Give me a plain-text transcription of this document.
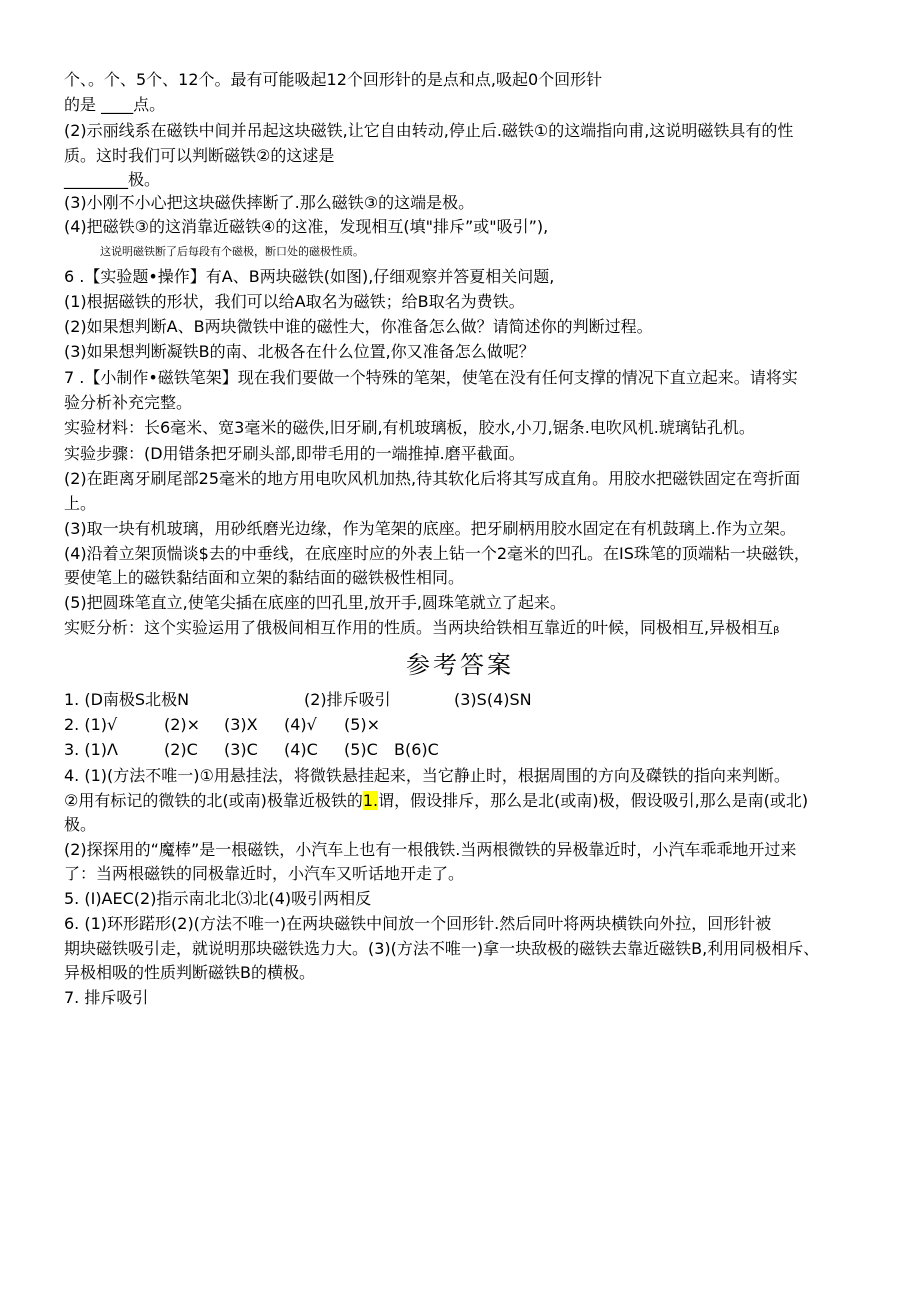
个、。个、5个、12个。最有可能吸起12个回形针的是点和点,吸起0个回形针
的是 ____点。
(2)示丽线系在磁铁中间并吊起这块磁铁,让它自由转动,停止后.磁铁①的这端指向甫,这说明磁铁具有的性
质。这时我们可以判断磁铁②的这逑是
________极。
(3)小刚不小心把这块磁佚摔断了.那么磁铁③的这端是极。
(4)把磁铁③的这消靠近磁铁④的这准，发现相互(填"排斥”或"吸引”),
这说明磁铁断了后每段有个磁极，断口处的磁极性质。
6 .【实验题•操作】有A、B两块磁铁(如图),仔细观察并答夏相关问题,
(1)根据磁铁的形状，我们可以给A取名为磁铁；给B取名为费铁。
(2)如果想判断A、B两块微铁中谁的磁性大，你准备怎么做？请简述你的判断过程。
(3)如果想判断凝铁B的南、北极各在什么位置,你又准备怎么做呢？
7 .【小制作•磁铁笔架】现在我们要做一个特殊的笔架，使笔在没有任何支撑的情况下直立起来。请将实
验分析补充完整。
实验材料：长6毫米、宽3毫米的磁佚,旧牙刷,有机玻璃板，胶水,小刀,锯条.电吹风机.琥璃钻孔机。
实验步骤：(D用错条把牙刷头部,即带毛用的一端推掉.磨平截面。
(2)在距离牙刷尾部25毫米的地方用电吹风机加热,待其软化后将其写成直角。用胶水把磁铁固定在弯折面
上。
(3)取一块有机玻璃，用砂纸磨光边缘，作为笔架的底座。把牙刷柄用胶水固定在有机鼓璃上.作为立架。
(4)沿着立架顶惴谈$去的中垂线，在底座时应的外表上钻一个2毫米的凹孔。在IS珠笔的顶端粘一块磁铁，
要使笔上的磁铁黏结面和立架的黏结面的磁铁极性相同。
(5)把圆珠笔直立,使笔尖插在底座的凹孔里,放开手,圆珠笔就立了起来。
实贬分析：这个实验运用了俄极间相互作用的性质。当两块给铁相互靠近的叶候，同极相互,异极相互ᵦ
参考答案
1. (D南极S北极N	(2)排斥吸引	(3)S(4)SN
2. (1)√	(2)× (3)X (4)√ (5)×
3. (1)Λ	(2)C (3)C (4)C (5)C B(6)C
4. (1)(方法不唯一)①用悬挂法，将微铁悬挂起来，当它静止时，根据周围的方向及磔铁的指向来判断。
②用有标记的微铁的北(或南)极靠近极铁的1.谓，假设排斥，那么是北(或南)极，假设吸引,那么是南(或北)
极。
(2)探探用的“魔棒”是一根磁铁，小汽车上也有一根俄铁.当两根微铁的异极靠近时，小汽车乖乖地开过来
了：当两根磁铁的同极靠近时，小汽车又听话地开走了。
5. (I)AEC(2)指示南北北⑶北(4)吸引两相反
6. (1)环形蹃形(2)(方法不唯一)在两块磁铁中间放一个回形针.然后同叶将两块横铁向外拉，回形针被
期块磁铁吸引走，就说明那块磁铁选力大。(3)(方法不唯一)拿一块敌极的磁铁去靠近磁铁B,利用同极相斥、
异极相吸的性质判断磁铁B的横极。
7. 排斥吸引
